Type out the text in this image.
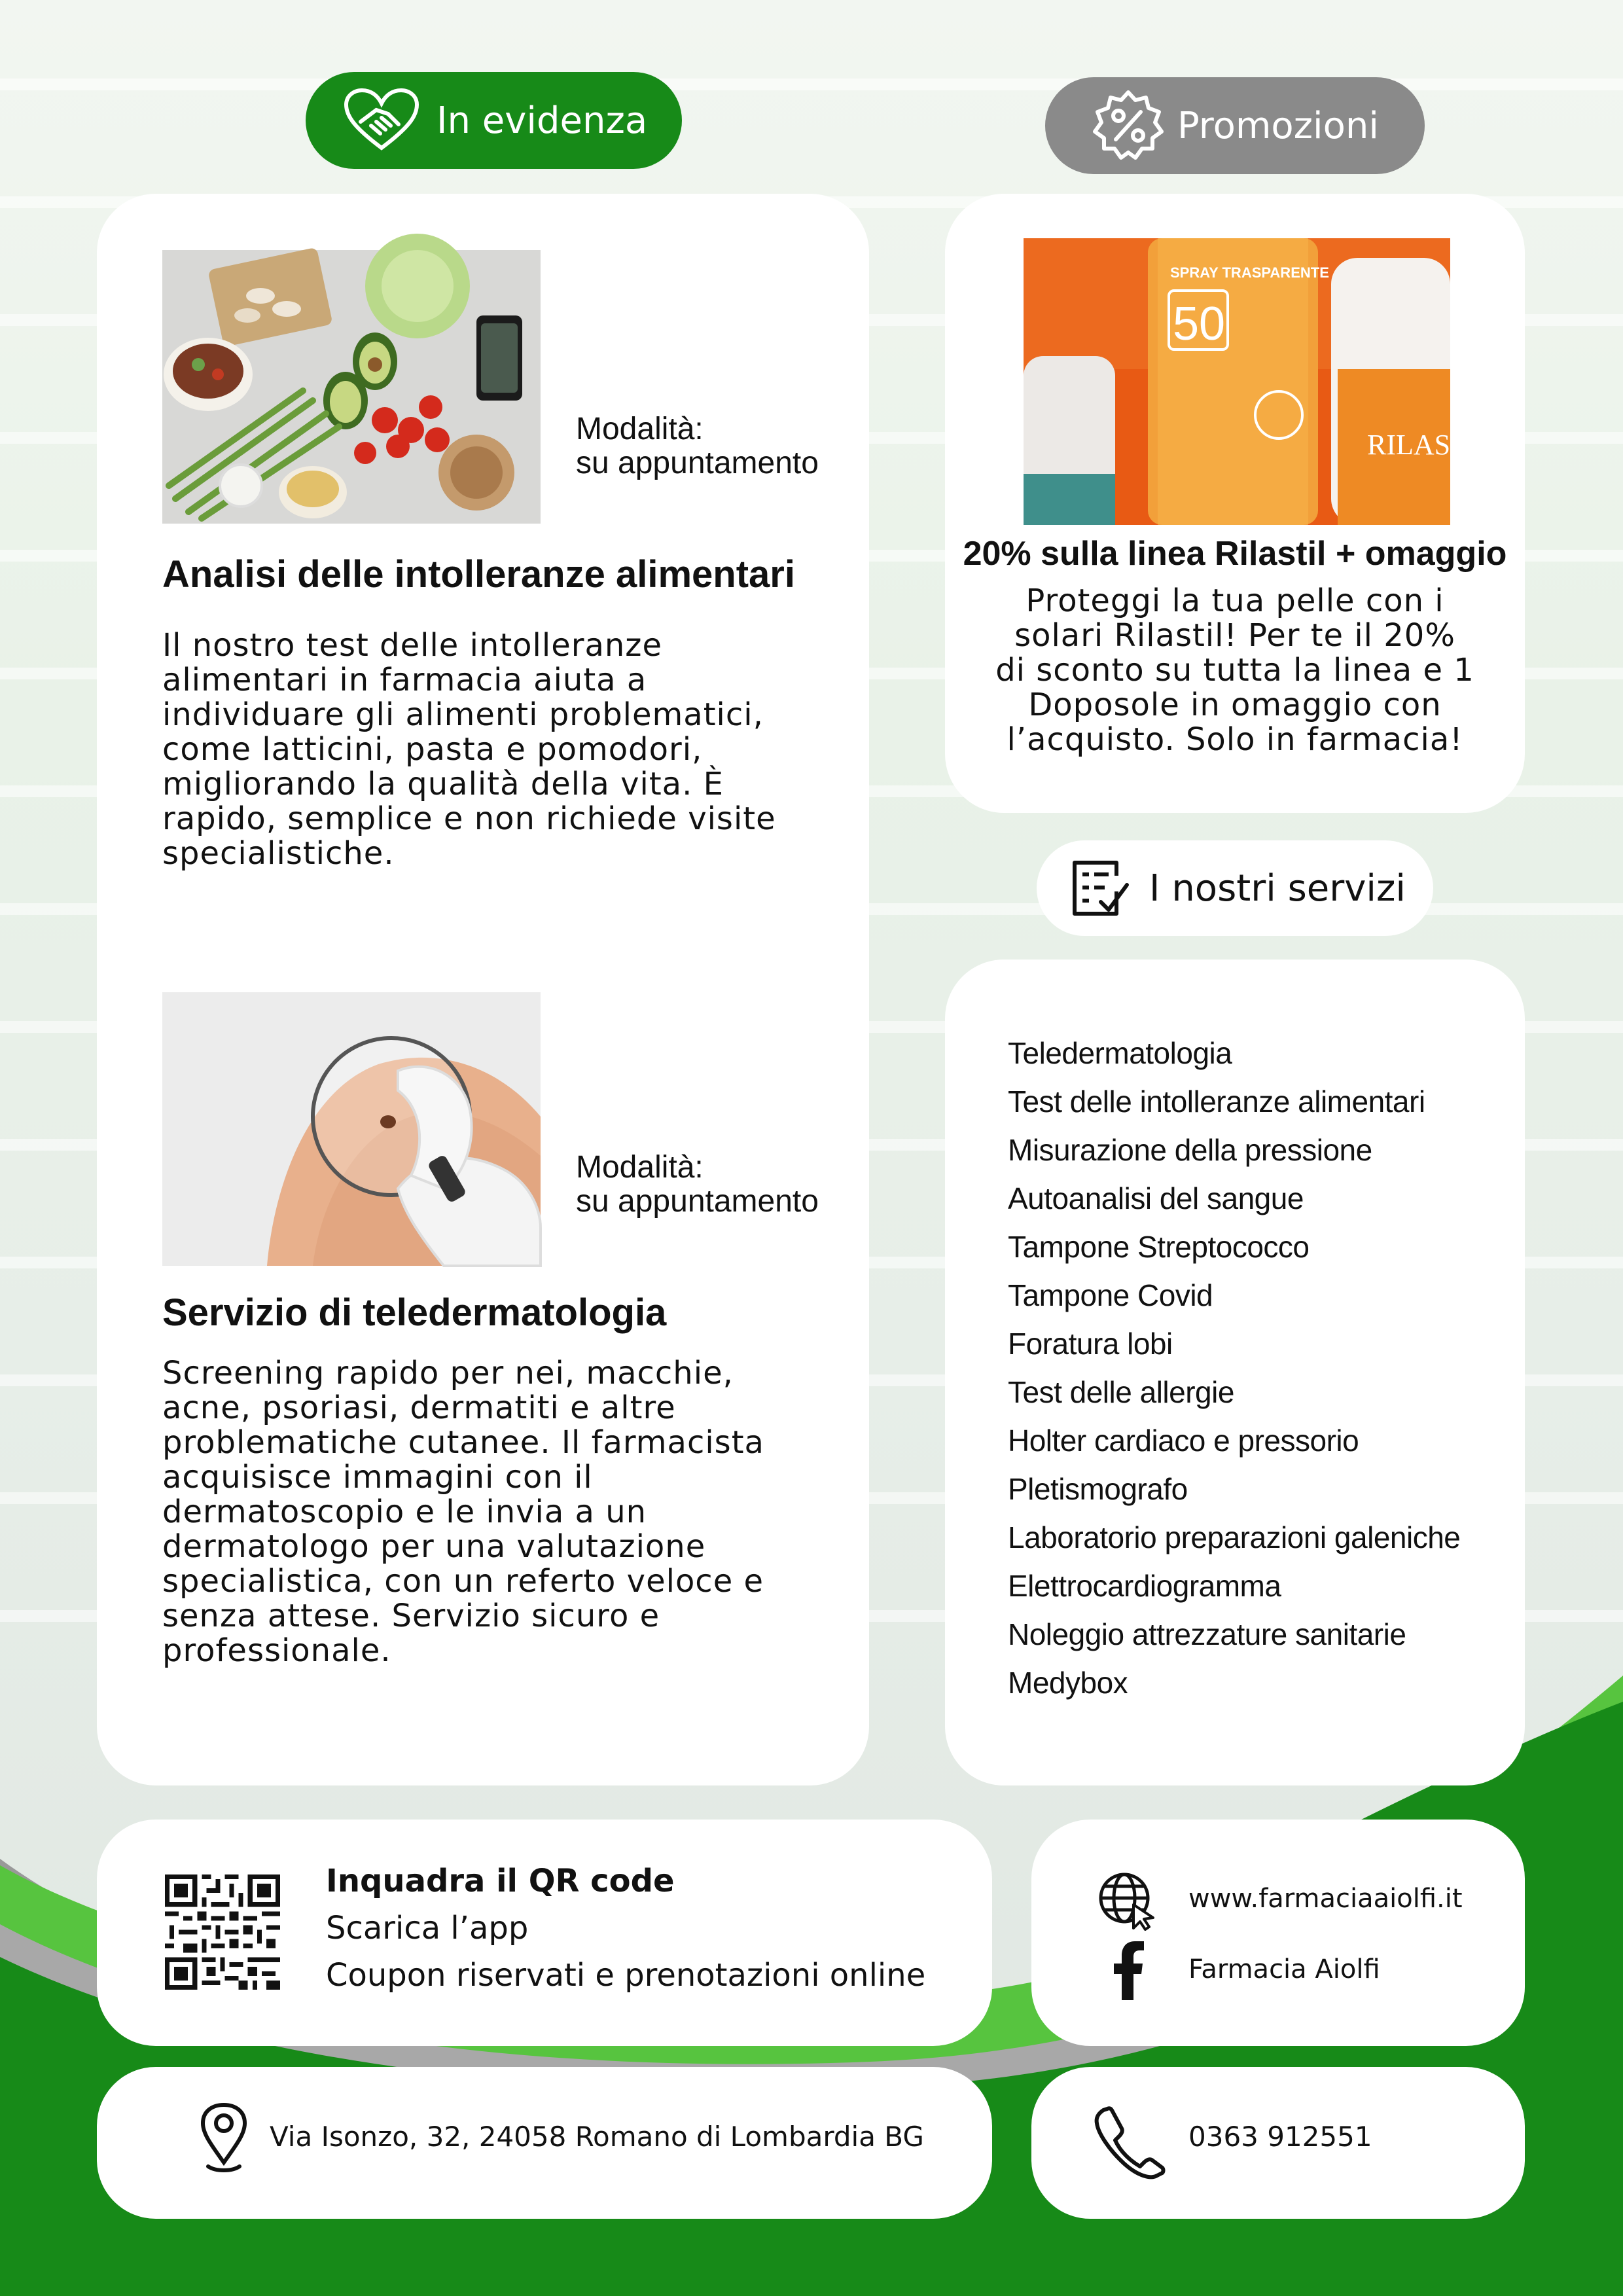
In evidenza	Promozioni
Modalità:
su appuntamento
Analisi delle intolleranze alimentari
Il nostro test delle intolleranze alimentari in farmacia aiuta a individuare gli alimenti problematici, come latticini, pasta e pomodori, migliorando la qualità della vita. È rapido, semplice e non richiede visite specialistiche.
Modalità:
su appuntamento
Servizio di teledermatologia
Screening rapido per nei, macchie, acne, psoriasi, dermatiti e altre problematiche cutanee. Il farmacista acquisisce immagini con il dermatoscopio e le invia a un dermatologo per una valutazione specialistica, con un referto veloce e senza attese. Servizio sicuro e professionale.
SPRAY TRASPARENTE
50
RILAST
20% sulla linea Rilastil + omaggio
Proteggi la tua pelle con i solari Rilastil! Per te il 20% di sconto su tutta la linea e 1 Doposole in omaggio con l’acquisto. Solo in farmacia!
I nostri servizi
Teledermatologia
Test delle intolleranze alimentari
Misurazione della pressione
Autoanalisi del sangue
Tampone Streptococco
Tampone Covid
Foratura lobi
Test delle allergie
Holter cardiaco e pressorio
Pletismografo
Laboratorio preparazioni galeniche
Elettrocardiogramma
Noleggio attrezzature sanitarie
Medybox
Inquadra il QR code
Scarica l’app
Coupon riservati e prenotazioni online
www.farmaciaaiolfi.it
Farmacia Aiolfi
Via Isonzo, 32, 24058 Romano di Lombardia BG	0363 912551
